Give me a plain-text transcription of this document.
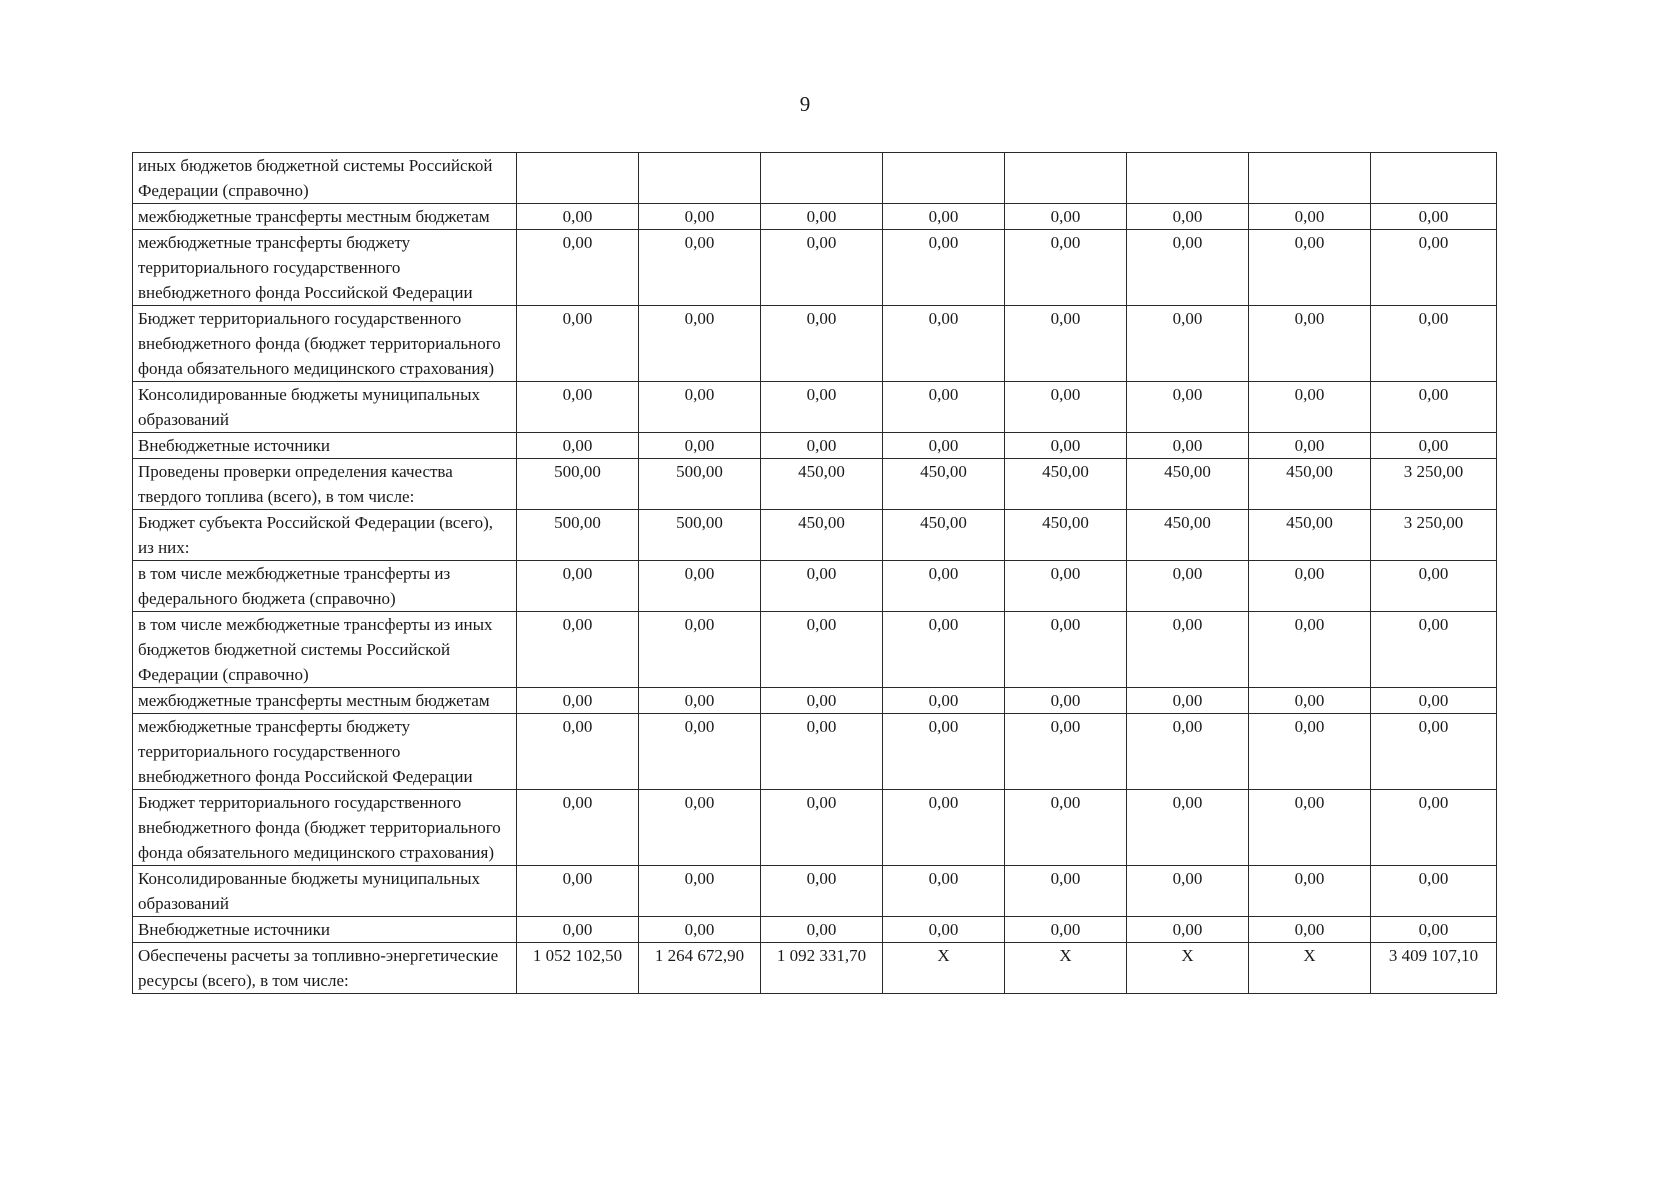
9
иных бюджетов бюджетной системы Российской Федерации (справочно)								
межбюджетные трансферты местным бюджетам	0,00	0,00	0,00	0,00	0,00	0,00	0,00	0,00
межбюджетные трансферты бюджету территориального государственного внебюджетного фонда Российской Федерации	0,00	0,00	0,00	0,00	0,00	0,00	0,00	0,00
Бюджет территориального государственного внебюджетного фонда (бюджет территориального фонда обязательного медицинского страхования)	0,00	0,00	0,00	0,00	0,00	0,00	0,00	0,00
Консолидированные бюджеты муниципальных образований	0,00	0,00	0,00	0,00	0,00	0,00	0,00	0,00
Внебюджетные источники	0,00	0,00	0,00	0,00	0,00	0,00	0,00	0,00
Проведены проверки определения качества твердого топлива (всего), в том числе:	500,00	500,00	450,00	450,00	450,00	450,00	450,00	3 250,00
Бюджет субъекта Российской Федерации (всего), из них:	500,00	500,00	450,00	450,00	450,00	450,00	450,00	3 250,00
в том числе межбюджетные трансферты из федерального бюджета (справочно)	0,00	0,00	0,00	0,00	0,00	0,00	0,00	0,00
в том числе межбюджетные трансферты из иных бюджетов бюджетной системы Российской Федерации (справочно)	0,00	0,00	0,00	0,00	0,00	0,00	0,00	0,00
межбюджетные трансферты местным бюджетам	0,00	0,00	0,00	0,00	0,00	0,00	0,00	0,00
межбюджетные трансферты бюджету территориального государственного внебюджетного фонда Российской Федерации	0,00	0,00	0,00	0,00	0,00	0,00	0,00	0,00
Бюджет территориального государственного внебюджетного фонда (бюджет территориального фонда обязательного медицинского страхования)	0,00	0,00	0,00	0,00	0,00	0,00	0,00	0,00
Консолидированные бюджеты муниципальных образований	0,00	0,00	0,00	0,00	0,00	0,00	0,00	0,00
Внебюджетные источники	0,00	0,00	0,00	0,00	0,00	0,00	0,00	0,00
Обеспечены расчеты за топливно-энергетические ресурсы (всего), в том числе:	1 052 102,50	1 264 672,90	1 092 331,70	X	X	X	X	3 409 107,10
